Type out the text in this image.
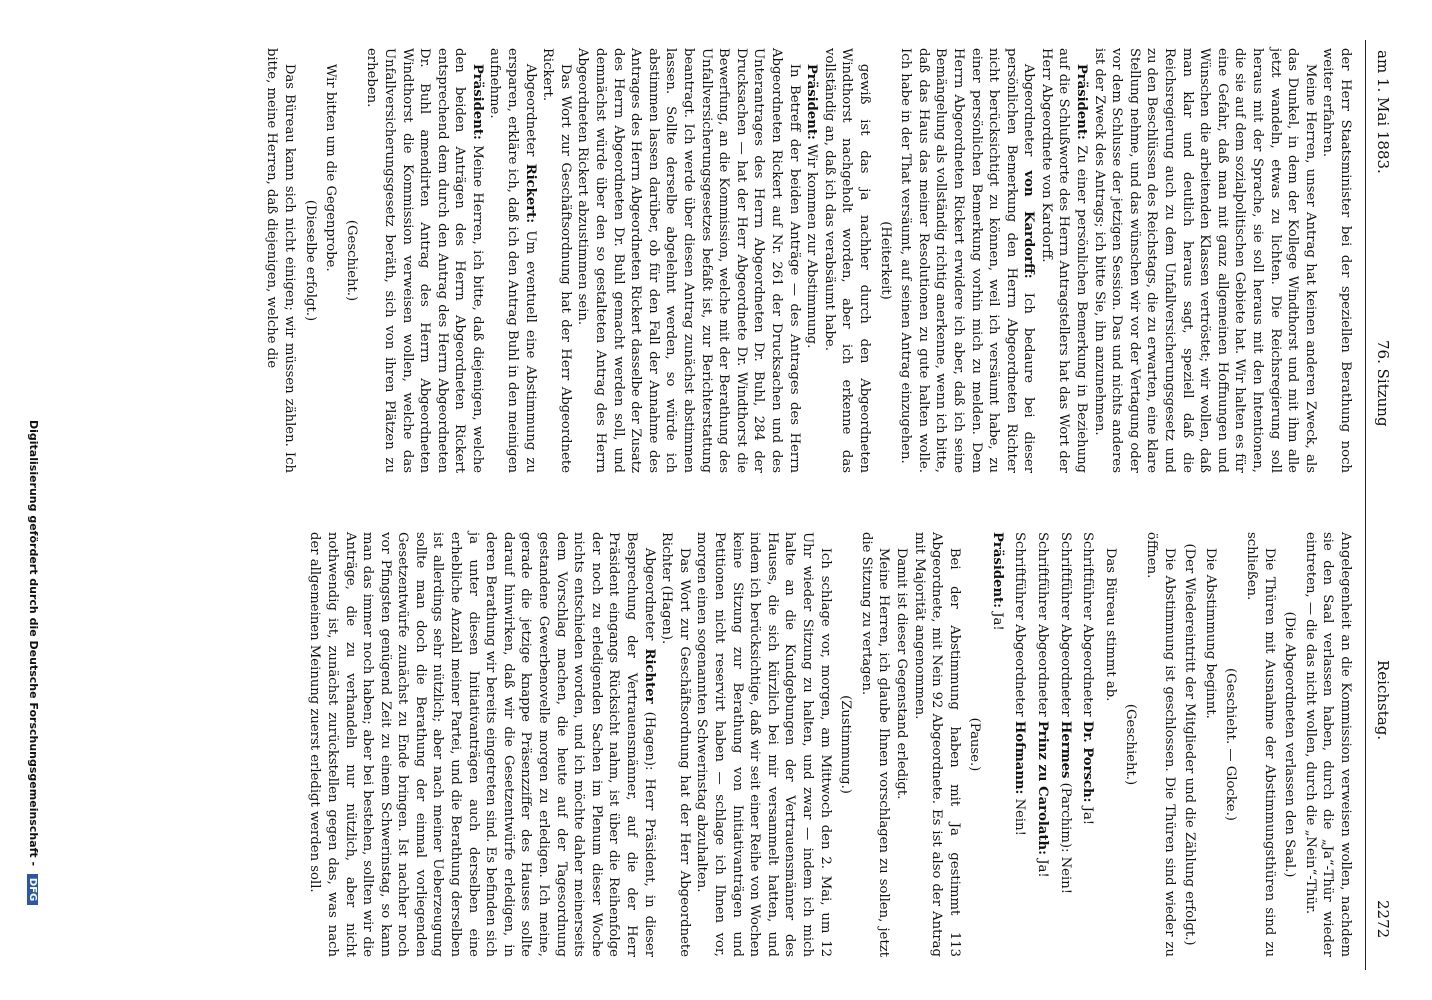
am 1. Mai 1883.
76. Sitzung
Reichstag.
2272

der Herr Staatsminister bei der speziellen Berathung noch weiter erfahren.

Meine Herren, unser Antrag hat keinen anderen Zweck, als das Dunkel, in dem der Kollege Windthorst und mit ihm alle jetzt wandeln, etwas zu lichten. Die Reichsregierung soll heraus mit der Sprache, sie soll heraus mit den Intentionen, die sie auf dem sozialpolitischen Gebiete hat. Wir halten es für eine Gefahr, daß man mit ganz allgemeinen Hoffnungen und Wünschen die arbeitenden Klassen vertröstet; wir wollen, daß man klar und deutlich heraus sagt, speziell daß die Reichsregierung auch zu dem Unfallversicherungsgesetz und zu den Beschlüssen des Reichstags, die zu erwarten, eine klare Stellung nehme, und das wünschen wir vor der Vertagung oder vor dem Schlusse der jetzigen Session. Das und nichts anderes ist der Zweck des Antrags; ich bitte Sie, ihn anzunehmen.

Präsident: Zu einer persönlichen Bemerkung in Beziehung auf die Schlußworte des Herrn Antragstellers hat das Wort der Herr Abgeordnete von Kardorff.

Abgeordneter von Kardorff: Ich bedaure bei dieser persönlichen Bemerkung den Herrn Abgeordneten Richter nicht berücksichtigt zu können, weil ich versäumt habe, zu einer persönlichen Bemerkung vorhin mich zu melden. Dem Herrn Abgeordneten Rickert erwidere ich aber, daß ich seine Bemängelung als vollständig richtig anerkenne, wenn ich bitte, daß das Haus das meiner Resolutionen zu gute halten wolle. Ich habe in der That versäumt, auf seinen Antrag einzugehen.

(Heiterkeit)

gewiß ist das ja nachher durch den Abgeordneten Windthorst nachgeholt worden, aber ich erkenne das vollständig an, daß ich das verabsäumt habe.

Präsident: Wir kommen zur Abstimmung.

In Betreff der beiden Anträge — des Antrages des Herrn Abgeordneten Rickert auf Nr. 261 der Drucksachen und des Unterantrages des Herrn Abgeordneten Dr. Buhl, 284 der Drucksachen — hat der Herr Abgeordnete Dr. Windthorst die Bewerfung, an die Kommission, welche mit der Berathung des Unfallversicherungsgesetzes befaßt ist, zur Berichterstattung beantragt. Ich werde über diesen Antrag zunächst abstimmen lassen. Sollte derselbe abgelehnt werden, so würde ich abstimmen lassen darüber, ob für den Fall der Annahme des Antrages des Herrn Abgeordneten Rickert dasselbe der Zusatz des Herrn Abgeordneten Dr. Buhl gemacht werden soll, und demnächst würde über den so gestalteten Antrag des Herrn Abgeordneten Rickert abzustimmen sein.

Das Wort zur Geschäftsordnung hat der Herr Abgeordnete Rickert.

Abgeordneter Rickert: Um eventuell eine Abstimmung zu ersparen, erkläre ich, daß ich den Antrag Buhl in den meinigen aufnehme.

Präsident: Meine Herren, ich bitte, daß diejenigen, welche den beiden Anträgen des Herrn Abgeordneten Rickert entsprechend dem durch den Antrag des Herrn Abgeordneten Dr. Buhl amendirten Antrag des Herrn Abgeordneten Windthorst die Kommission verweisen wollen, welche das Unfallversicherungsgesetz beräth, sich von ihren Plätzen zu erheben.

(Geschieht.)

Wir bitten um die Gegenprobe.

(Dieselbe erfolgt.)

Das Büreau kann sich nicht einigen; wir müssen zählen. Ich bitte, meine Herren, daß diejenigen, welche die

Angelegenheit an die Kommission verweisen wollen, nachdem sie den Saal verlassen haben, durch die „Ja“-Thür wieder eintreten, — die das nicht wollen, durch die „Nein“-Thür.

(Die Abgeordneten verlassen den Saal.)

Die Thüren mit Ausnahme der Abstimmungsthüren sind zu schließen.

(Geschieht. — Glocke.)

Die Abstimmung beginnt.

(Der Wiedereintritt der Mitglieder und die Zählung erfolgt.)

Die Abstimmung ist geschlossen. Die Thüren sind wieder zu öffnen.

(Geschieht.)

Das Büreau stimmt ab.

Schriftführer Abgeordneter Dr. Porsch: Ja!

Schriftführer Abgeordneter Hermes (Parchim): Nein!

Schriftführer Abgeordneter Prinz zu Carolath: Ja!

Schriftführer Abgeordneter Hofmann: Nein!

Präsident: Ja!

(Pause.)

Bei der Abstimmung haben mit Ja gestimmt 113 Abgeordnete, mit Nein 92 Abgeordnete. Es ist also der Antrag mit Majorität angenommen.

Damit ist dieser Gegenstand erledigt.

Meine Herren, ich glaube Ihnen vorschlagen zu sollen, jetzt die Sitzung zu vertagen.

(Zustimmung.)

Ich schlage vor, morgen, am Mittwoch den 2. Mai, um 12 Uhr wieder Sitzung zu halten, und zwar — indem ich mich halte an die Kundgebungen der Vertrauensmänner des Hauses, die sich kürzlich bei mir versammelt hatten, und indem ich berücksichtige, daß wir seit einer Reihe von Wochen keine Sitzung zur Berathung von Initiativanträgen und Petitionen nicht reservirt haben — schlage ich Ihnen vor, morgen einen sogenannten Schwerinstag abzuhalten.

Das Wort zur Geschäftsordnung hat der Herr Abgeordnete Richter (Hagen).

Abgeordneter Richter (Hagen): Herr Präsident, in dieser Besprechung der Vertrauensmänner, auf die der Herr Präsident eingangs Rücksicht nahm, ist über die Reihenfolge der noch zu erledigenden Sachen im Plenum dieser Woche nichts entschieden worden, und ich möchte daher meinerseits dem Vorschlag machen, die heute auf der Tagesordnung gestandene Gewerbenovelle morgen zu erledigen. Ich meine, gerade die jetzige knappe Präsenzziffer des Hauses sollte darauf hinwirken, daß wir die Gesetzentwürfe erledigen, in deren Berathung wir bereits eingetreten sind. Es befinden sich ja unter diesen Initiativanträgen auch derselben eine erhebliche Anzahl meiner Partei, und die Berathung derselben ist allerdings sehr nützlich; aber nach meiner Ueberzeugung sollte man doch die Berathung der einmal vorliegenden Gesetzentwürfe zunächst zu Ende bringen. Ist nachher noch vor Pfingsten genügend Zeit zu einem Schwerinstag, so kann man das immer noch haben; aber bei bestehen, sollten wir die Anträge, die zu verhandeln nur nützlich, aber nicht nothwendig ist, zunächst zurückstellen gegen das, was nach der allgemeinen Meinung zuerst erledigt werden soll.

Digitalisierung gefördert durch die Deutsche Forschungsgemeinschaft - DFG
